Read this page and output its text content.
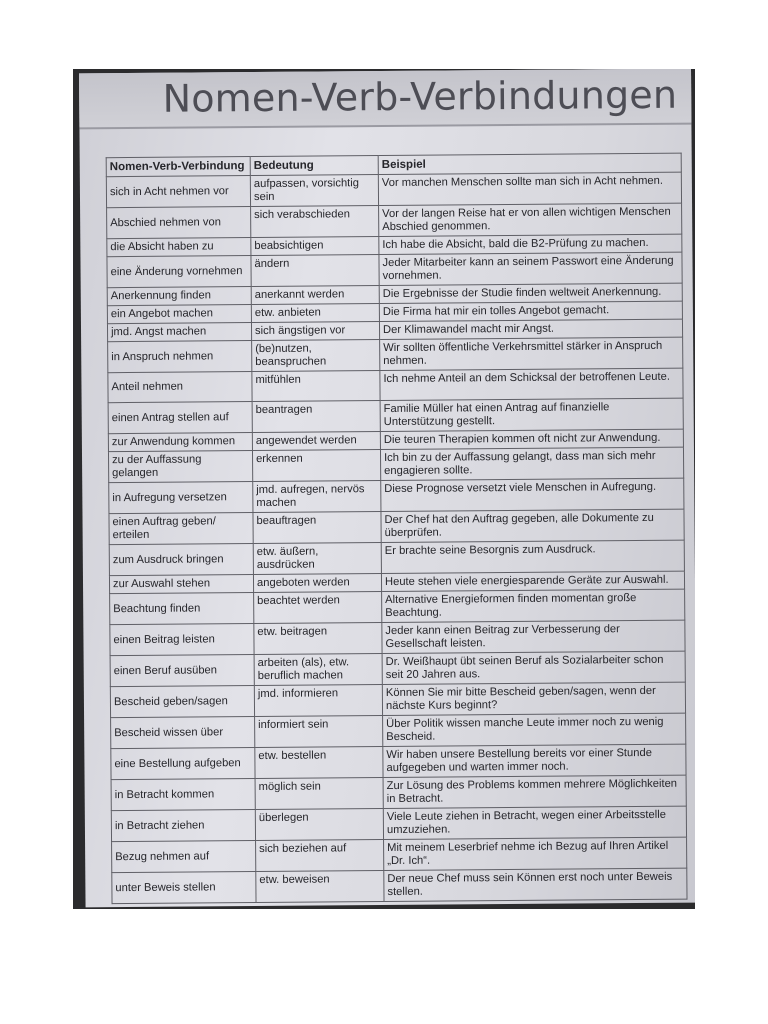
Nomen-Verb-Verbindungen
Nomen-Verb-Verbindung	Bedeutung	Beispiel
sich in Acht nehmen vor	aufpassen, vorsichtig sein	Vor manchen Menschen sollte man sich in Acht nehmen.
Abschied nehmen von	sich verabschieden	Vor der langen Reise hat er von allen wichtigen Menschen Abschied genommen.
die Absicht haben zu	beabsichtigen	Ich habe die Absicht, bald die B2-Prüfung zu machen.
eine Änderung vornehmen	ändern	Jeder Mitarbeiter kann an seinem Passwort eine Änderung vornehmen.
Anerkennung finden	anerkannt werden	Die Ergebnisse der Studie finden weltweit Anerkennung.
ein Angebot machen	etw. anbieten	Die Firma hat mir ein tolles Angebot gemacht.
jmd. Angst machen	sich ängstigen vor	Der Klimawandel macht mir Angst.
in Anspruch nehmen	(be)nutzen, beanspruchen	Wir sollten öffentliche Verkehrsmittel stärker in Anspruch nehmen.
Anteil nehmen	mitfühlen	Ich nehme Anteil an dem Schicksal der betroffenen Leute.
einen Antrag stellen auf	beantragen	Familie Müller hat einen Antrag auf finanzielle Unterstützung gestellt.
zur Anwendung kommen	angewendet werden	Die teuren Therapien kommen oft nicht zur Anwendung.
zu der Auffassung gelangen	erkennen	Ich bin zu der Auffassung gelangt, dass man sich mehr engagieren sollte.
in Aufregung versetzen	jmd. aufregen, nervös machen	Diese Prognose versetzt viele Menschen in Aufregung.
einen Auftrag geben/ erteilen	beauftragen	Der Chef hat den Auftrag gegeben, alle Dokumente zu überprüfen.
zum Ausdruck bringen	etw. äußern, ausdrücken	Er brachte seine Besorgnis zum Ausdruck.
zur Auswahl stehen	angeboten werden	Heute stehen viele energiesparende Geräte zur Auswahl.
Beachtung finden	beachtet werden	Alternative Energieformen finden momentan große Beachtung.
einen Beitrag leisten	etw. beitragen	Jeder kann einen Beitrag zur Verbesserung der Gesellschaft leisten.
einen Beruf ausüben	arbeiten (als), etw. beruflich machen	Dr. Weißhaupt übt seinen Beruf als Sozialarbeiter schon seit 20 Jahren aus.
Bescheid geben/sagen	jmd. informieren	Können Sie mir bitte Bescheid geben/sagen, wenn der nächste Kurs beginnt?
Bescheid wissen über	informiert sein	Über Politik wissen manche Leute immer noch zu wenig Bescheid.
eine Bestellung aufgeben	etw. bestellen	Wir haben unsere Bestellung bereits vor einer Stunde aufgegeben und warten immer noch.
in Betracht kommen	möglich sein	Zur Lösung des Problems kommen mehrere Möglichkeiten in Betracht.
in Betracht ziehen	überlegen	Viele Leute ziehen in Betracht, wegen einer Arbeitsstelle umzuziehen.
Bezug nehmen auf	sich beziehen auf	Mit meinem Leserbrief nehme ich Bezug auf Ihren Artikel „Dr. Ich“.
unter Beweis stellen	etw. beweisen	Der neue Chef muss sein Können erst noch unter Beweis stellen.
